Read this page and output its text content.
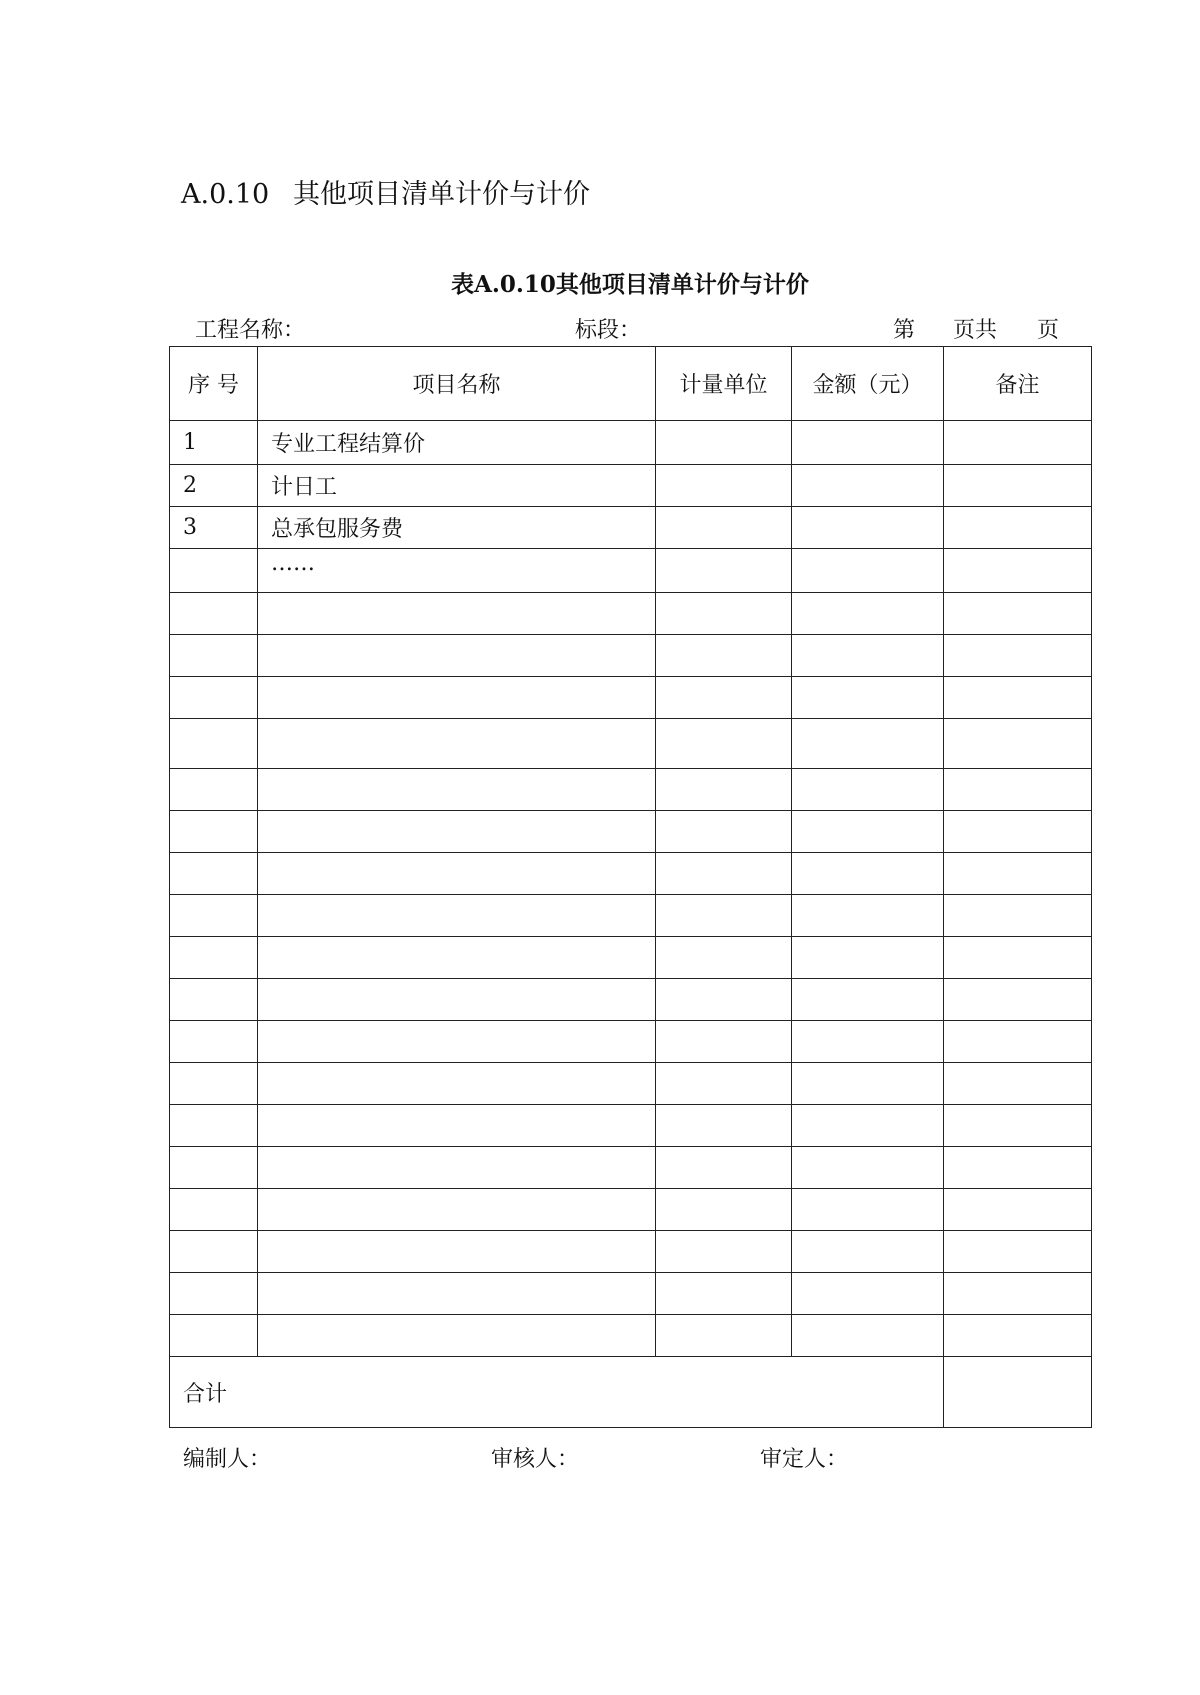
A.0.10 其他项目清单计价与计价
表A.0.10其他项目清单计价与计价
工程名称：	标段：	第 页共 页
序 号	项目名称	计量单位	金额（元）	备注
1	专业工程结算价			
2	计日工			
3	总承包服务费			
	……			

合计				
编制人：	审核人：	审定人：
